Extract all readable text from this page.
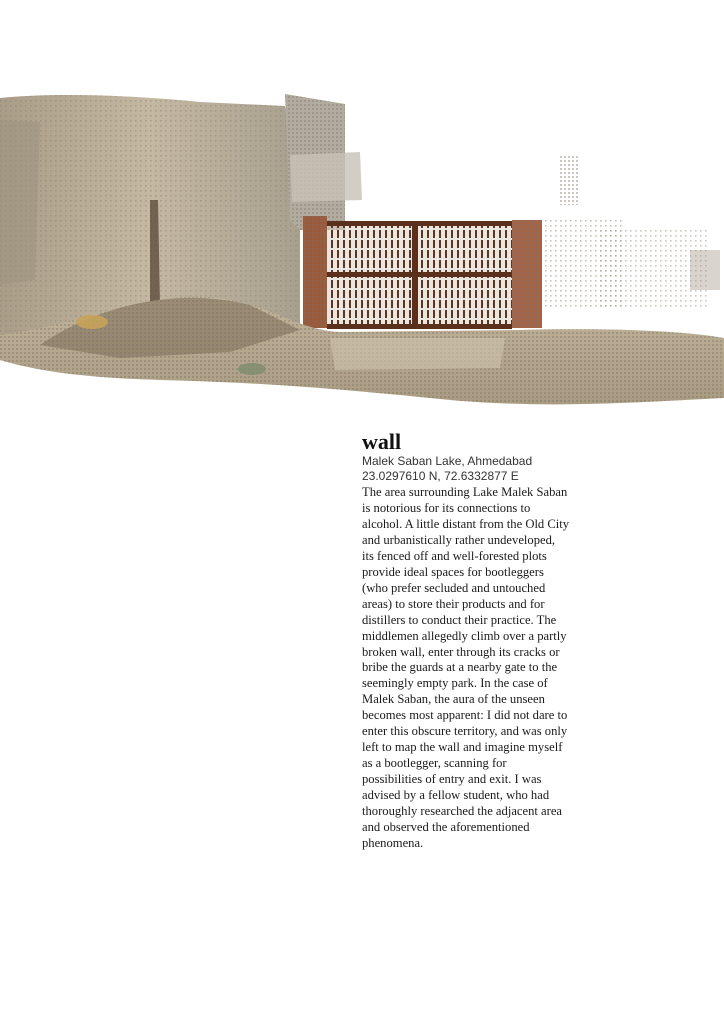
wall
Malek Saban Lake, Ahmedabad
23.0297610 N, 72.6332877 E
The area surrounding Lake Malek Saban
is notorious for its connections to
alcohol. A little distant from the Old City
and urbanistically rather undeveloped,
its fenced off and well-forested plots
provide ideal spaces for bootleggers
(who prefer secluded and untouched
areas) to store their products and for
distillers to conduct their practice. The
middlemen allegedly climb over a partly
broken wall, enter through its cracks or
bribe the guards at a nearby gate to the
seemingly empty park. In the case of
Malek Saban, the aura of the unseen
becomes most apparent: I did not dare to
enter this obscure territory, and was only
left to map the wall and imagine myself
as a bootlegger, scanning for
possibilities of entry and exit. I was
advised by a fellow student, who had
thoroughly researched the adjacent area
and observed the aforementioned
phenomena.
